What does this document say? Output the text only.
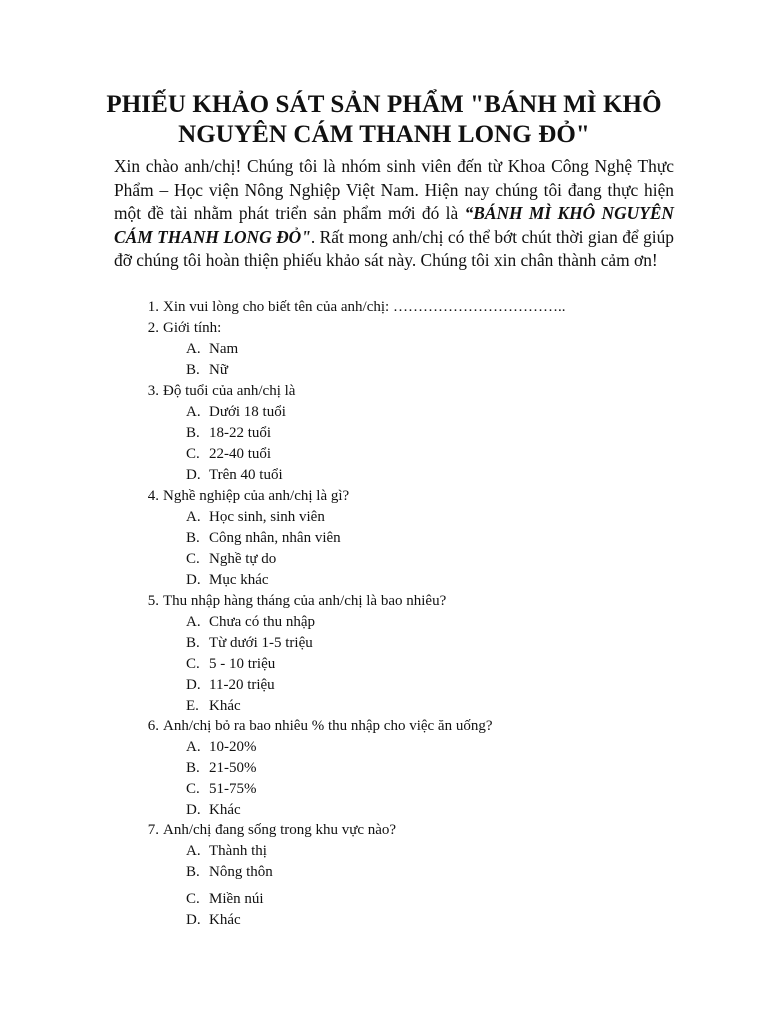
PHIẾU KHẢO SÁT SẢN PHẨM "BÁNH MÌ KHÔ
NGUYÊN CÁM THANH LONG ĐỎ"
Xin chào anh/chị! Chúng tôi là nhóm sinh viên đến từ Khoa Công Nghệ Thực
Phẩm – Học viện Nông Nghiệp Việt Nam. Hiện nay chúng tôi đang thực hiện
một đề tài nhằm phát triển sản phẩm mới đó là “BÁNH MÌ KHÔ NGUYÊN
CÁM THANH LONG ĐỎ". Rất mong anh/chị có thể bớt chút thời gian để giúp
đỡ chúng tôi hoàn thiện phiếu khảo sát này. Chúng tôi xin chân thành cảm ơn!
1. Xin vui lòng cho biết tên của anh/chị: ……………………………..
2. Giới tính:
A. Nam
B. Nữ
3. Độ tuổi của anh/chị là
A. Dưới 18 tuổi
B. 18-22 tuổi
C. 22-40 tuổi
D. Trên 40 tuổi
4. Nghề nghiệp của anh/chị là gì?
A. Học sinh, sinh viên
B. Công nhân, nhân viên
C. Nghề tự do
D. Mục khác
5. Thu nhập hàng tháng của anh/chị là bao nhiêu?
A. Chưa có thu nhập
B. Từ dưới 1-5 triệu
C. 5 - 10 triệu
D. 11-20 triệu
E. Khác
6. Anh/chị bỏ ra bao nhiêu % thu nhập cho việc ăn uống?
A. 10-20%
B. 21-50%
C. 51-75%
D. Khác
7. Anh/chị đang sống trong khu vực nào?
A. Thành thị
B. Nông thôn
C. Miền núi
D. Khác
